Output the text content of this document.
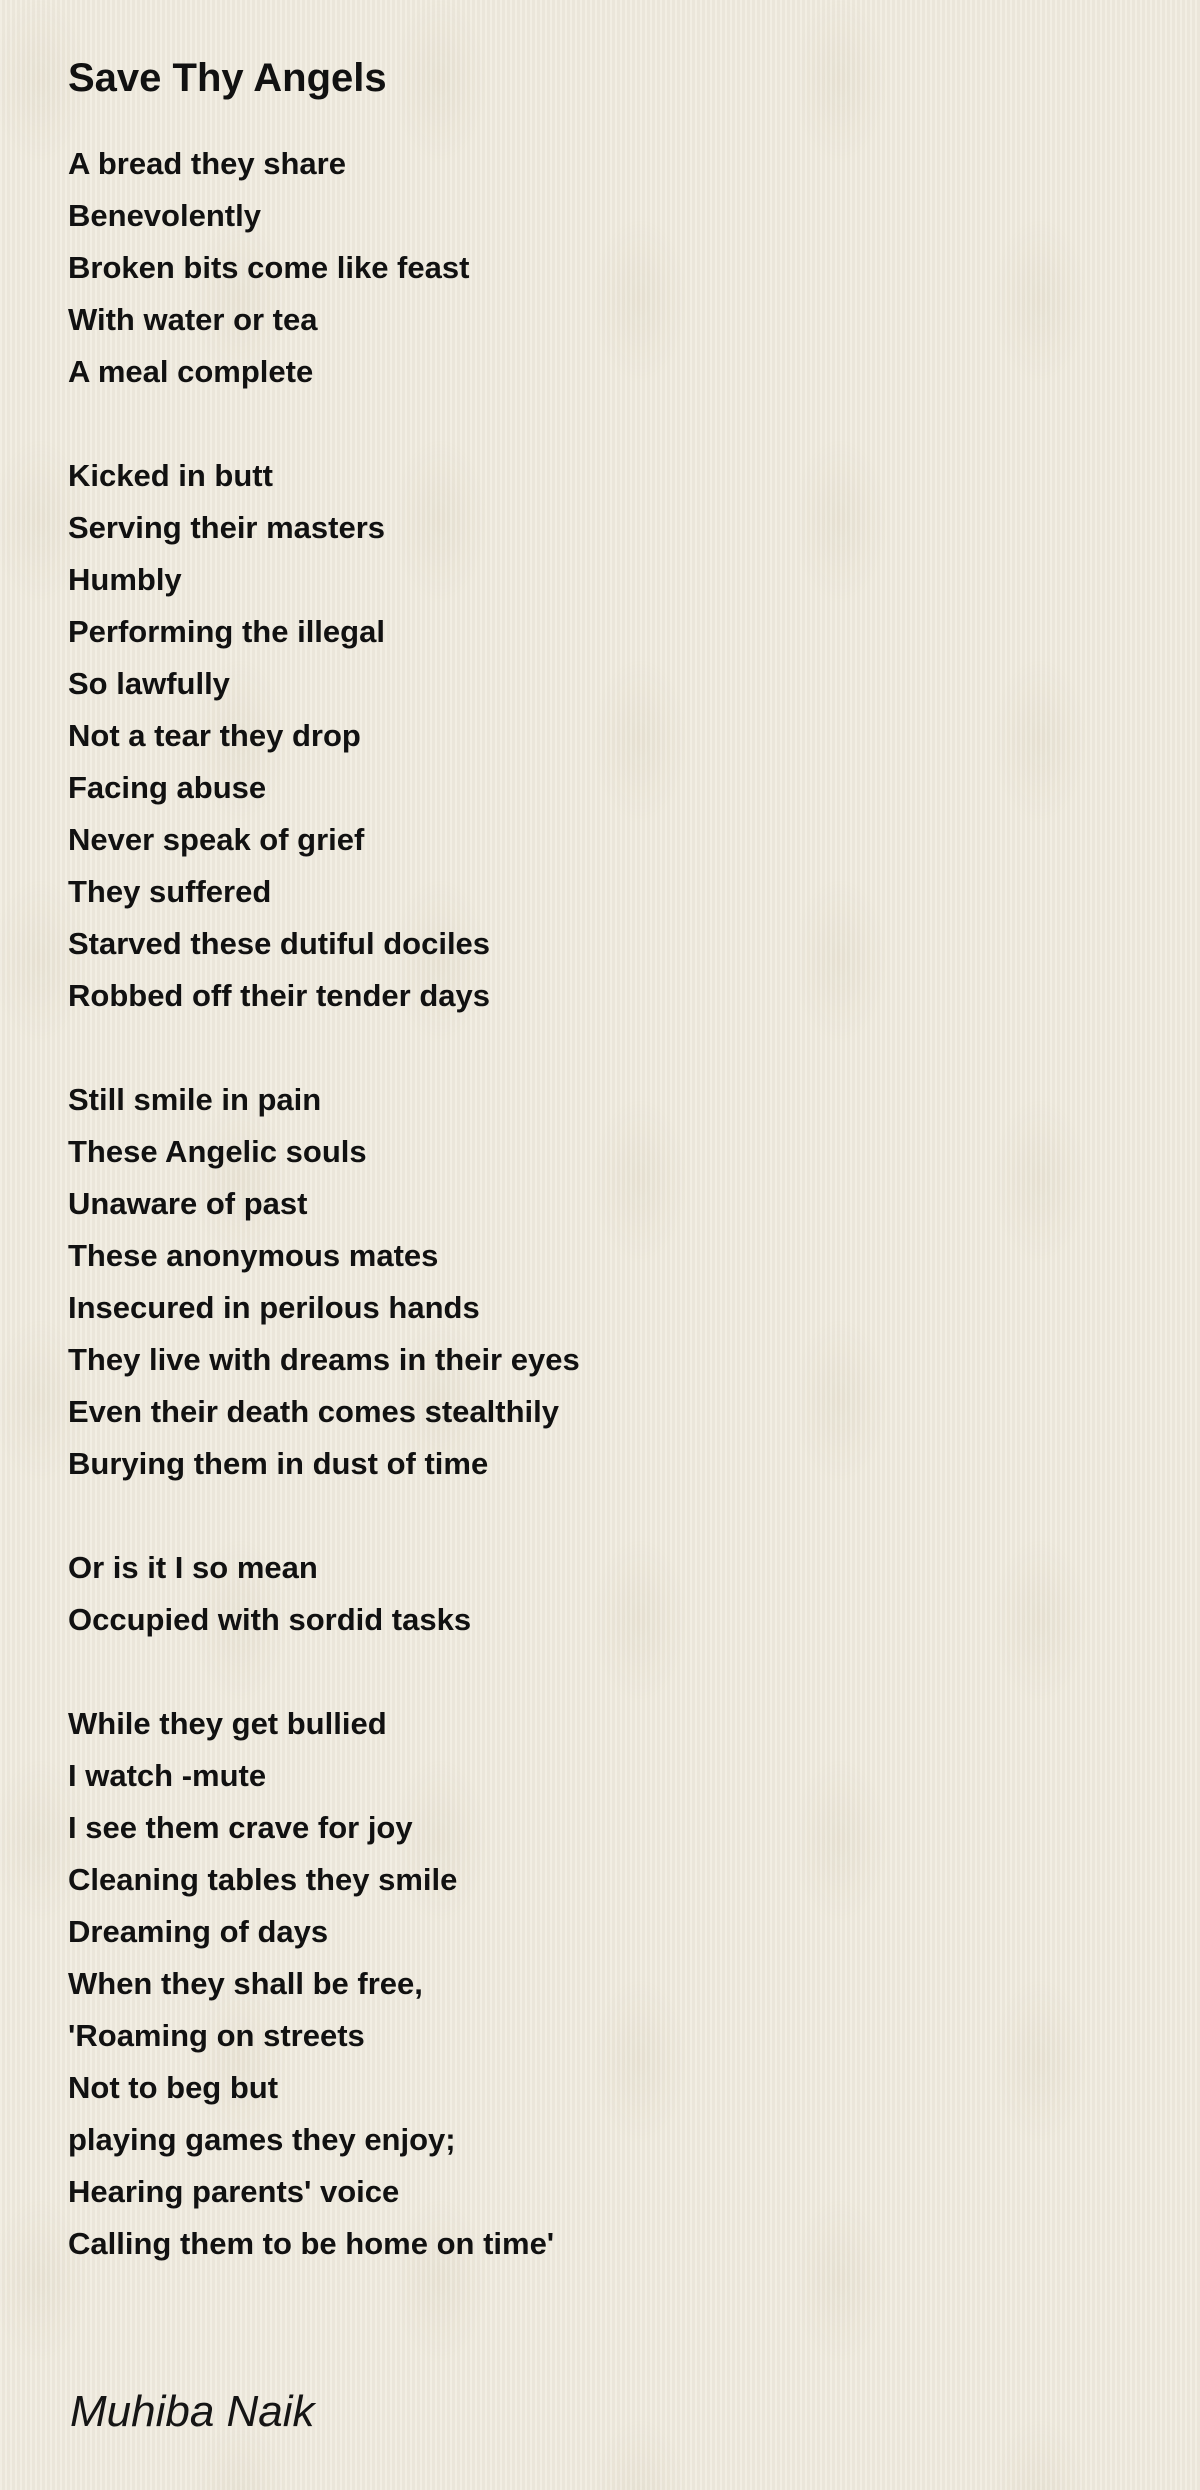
Save Thy Angels
A bread they share
Benevolently
Broken bits come like feast
With water or tea
A meal complete
Kicked in butt
Serving their masters
Humbly
Performing the illegal
So lawfully
Not a tear they drop
Facing abuse
Never speak of grief
They suffered
Starved these dutiful dociles
Robbed off their tender days
Still smile in pain
These Angelic souls
Unaware of past
These anonymous mates
Insecured in perilous hands
They live with dreams in their eyes
Even their death comes stealthily
Burying them in dust of time
Or is it I so mean
Occupied with sordid tasks
While they get bullied
I watch -mute
I see them crave for joy
Cleaning tables they smile
Dreaming of days
When they shall be free,
'Roaming on streets
Not to beg but
playing games they enjoy;
Hearing parents' voice
Calling them to be home on time'
Muhiba Naik
